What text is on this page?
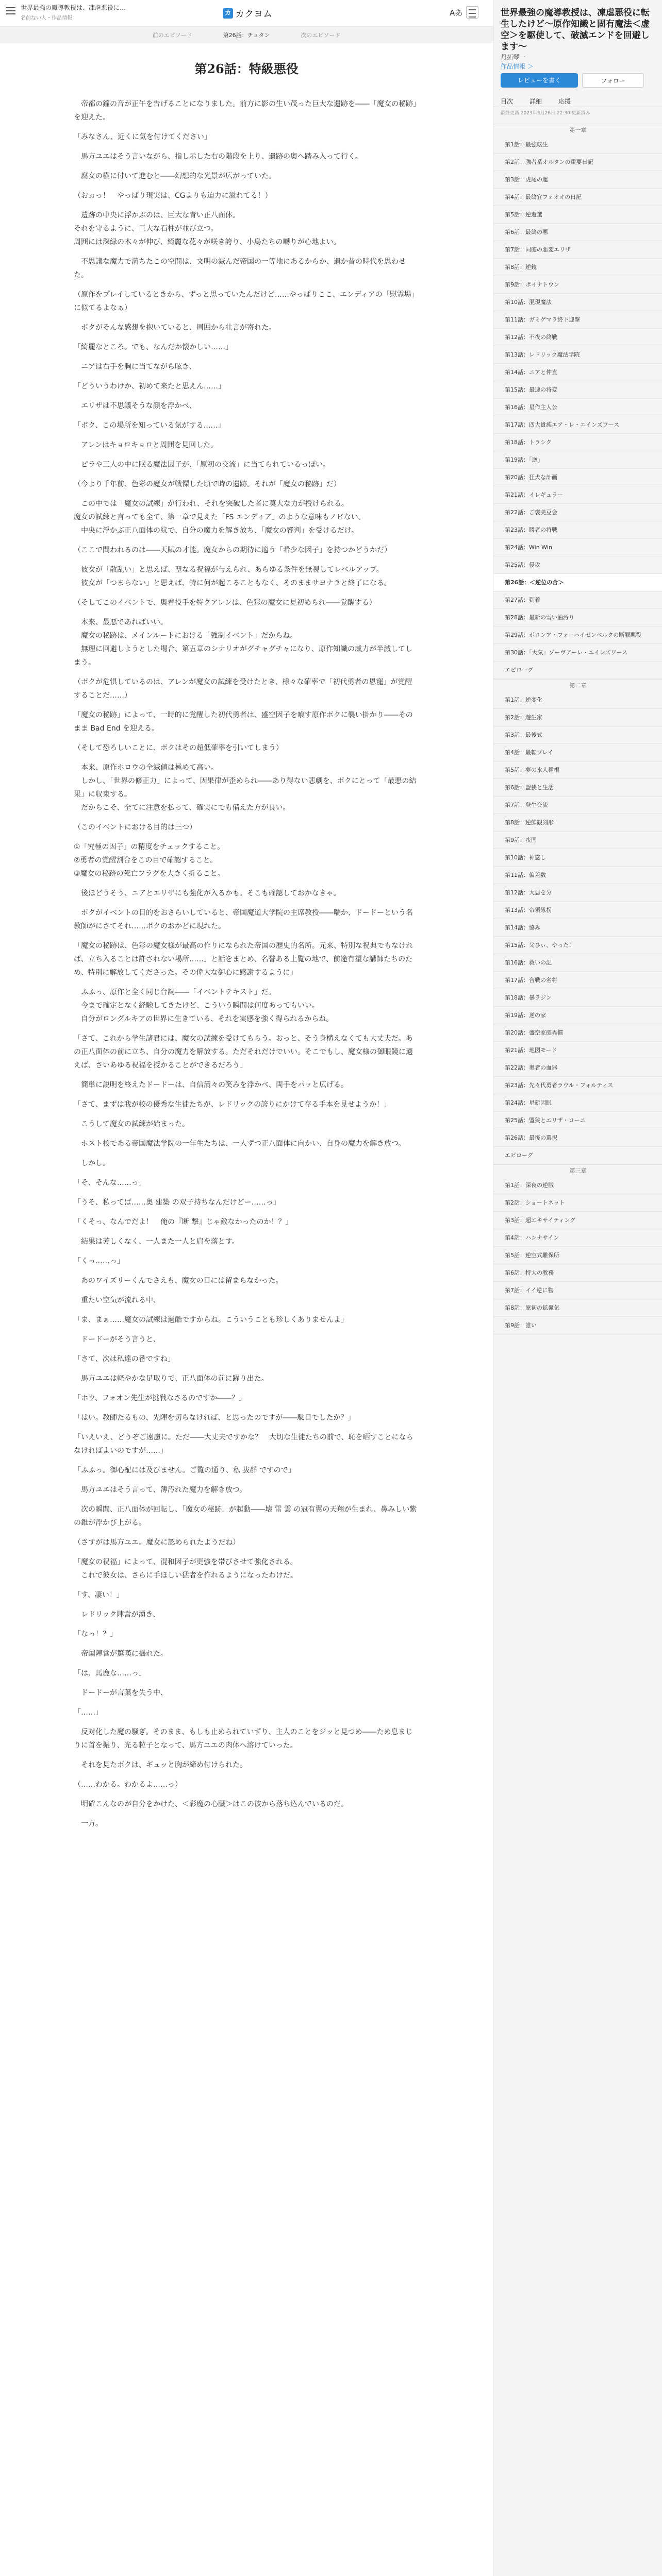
世界最強の魔導教授は、凍虐悪役に…
名前ない人・作品情報
カ カクヨム	Aあ
前のエピソード	第26話：チュタン	次のエピソード
第26話：特級悪役

　帝都の鐘の音が正午を告げることになりました。前方に影の生い茂った巨大な遺跡を――「魔女の秘跡」を迎えた。

「みなさん、近くに気を付けてください」

　馬方ユエはそう言いながら、指し示した右の階段を上り、遺跡の奥へ踏み入って行く。

　腐女の横に付いて進むと――幻想的な光景が広がっていた。

（おぉっ！　やっぱり現実は、CGよりも迫力に溢れてる！）

　遺跡の中央に浮かぶのは、巨大な青い正八面体。
それを守るように、巨大な石柱が並び立つ。
周囲には深緑の木々が伸び、綺麗な花々が咲き誇り、小鳥たちの囀りが心地よい。

　不思議な魔力で満ちたこの空間は、文明の滅んだ帝国の一等地にあるからか、遺か昔の時代を思わせた。

（原作をプレイしているときから、ずっと思っていたんだけど……やっぱりここ、エンディアの「慰霊場」に似てるよなぁ）

　ボクがそんな感想を抱いていると、周囲から壮言が寄れた。

「綺麗なところ。でも、なんだか懐かしい……」

　ニアは右手を胸に当てながら呟き、

「どういうわけか、初めて来たと思えん……」

　エリザは不思議そうな顔を浮かべ、

「ボク、この場所を知っている気がする……」

　アレンはキョロキョロと周囲を見回した。

　ピラや三人の中に眠る魔法因子が、「原初の交流」に当てられているっぽい。

（今より千年前、色彩の魔女が戦慄した頃で時の遺跡。それが「魔女の秘跡」だ）

　この中では「魔女の試練」が行われ、それを突破した者に莫大な力が授けられる。
魔女の試練と言っても全て、第一章で見えた「FS エンディア」のような意味もノビない。
　中央に浮かぶ正八面体の紋で、自分の魔力を解き放ち、「魔女の審判」を受けるだけ。

（ここで問われるのは――天賦の才能。魔女からの期待に適う「希少な因子」を持つかどうかだ）

　彼女が「散乱い」と思えば、聖なる祝福が与えられ、あらゆる条件を無視してレベルアップ。
　彼女が「つまらない」と思えば、特に何が起こることもなく、そのままサヨナラと終了になる。

（そしてこのイベントで、奥着役手を特クアレンは、色彩の魔女に見初められ――覚醒する）

　本来、最悪であればいい。
　魔女の秘跡は、メインルートにおける「強制イベント」だからね。
　無理に回避しようとした場合、第五章のシナリオがグチャグチャになり、原作知識の威力が半減してしまう。

（ボクが危惧しているのは、アレンが魔女の試練を受けたとき、様々な確率で「初代勇者の恩寵」が覚醒することだ……）

「魔女の秘跡」によって、一時的に覚醒した初代勇者は、盛空因子を喰す原作ボクに襲い掛かり――そのまま Bad End を迎える。

（そして恐ろしいことに、ボクはその超低確率を引いてしまう）

　本来、原作ホロウの全滅値は極めて高い。
　しかし、「世界の修正力」によって、因果律が歪められ――あり得ない悲劇を、ボクにとって「最悪の結果」に収束する。
　だからこそ、全てに注意を払って、確実にでも備えた方が良い。

（このイベントにおける目的は三つ）

①「究極の因子」の精度をチェックすること。
②勇者の覚醒割合をこの目で確認すること。
③魔女の秘跡の死亡フラグを大きく折ること。

　後ほどうそう、ニアとエリザにも強化が入るかも。そこも確認しておかなきゃ。

　ボクがイベントの目的をおさらいしていると、帝国魔道大学院の主席教授――喘か、ドードーという名教師がにさてそれ……ボクのおかどに現れた。

「魔女の秘跡は、色彩の魔女様が最高の作りになられた帝国の歴史的名所。元来、特別な祝典でもなければ、立ち入ることは許されない場所……」と話をまとめ、名誉ある上覧の地で、前途有望な講師たちのため、特別に解放してくださった。その偉大な御心に感謝するように」

　ふふっ、原作と全く同じ台詞――「イベントテキスト」だ。
　今まで確定となく経験してきたけど、こういう瞬間は何度あってもいい。
　自分がロングルキアの世界に生きている、それを実感を強く得られるからね。

「さて、これから学生諸君には、魔女の試練を受けてもらう。おっと、そう身構えなくても大丈夫だ。あの正八面体の前に立ち、自分の魔力を解放する。ただそれだけでいい。そこでもし、魔女様の御眼鏡に適えば、さいあゆる祝福を授かることができるだろう」

　簡単に説明を終えたドードーは、自信満々の笑みを浮かべ、両手をパッと広げる。

「さて、まずは我が校の優秀な生徒たちが、レドリックの誇りにかけて存る手本を見せようか！」

　こうして魔女の試練が始まった。

　ホスト校である帝国魔法学院の一年生たちは、一人ずつ正八面体に向かい、自身の魔力を解き放つ。

　しかし。

「そ、そんな……っ」

「うそ、私ってば……奥 建築 の双子持ちなんだけどー……っ」

「くそっ、なんでだよ！　俺の『断 撃』じゃ敵なかったのか！？」

　結果は芳しくなく、一人また一人と肩を落とす。

「くっ……っ」

　あのワイズリーくんでさえも、魔女の目には留まらなかった。

　重たい空気が流れる中、

「ま、まぁ……魔女の試練は過酷ですからね。こういうことも珍しくありませんよ」

　ドードーがそう言うと、

「さて、次は私達の番ですね」

　馬方ユエは軽やかな足取りで、正八面体の前に躍り出た。

「ホウ、フォオン先生が挑戦なさるのですか――？」

「はい。教師たるもの、先陣を切らなければ、と思ったのですが――駄目でしたか？」

「いえいえ、どうぞご遠慮に。ただ――大丈夫ですかな？　大切な生徒たちの前で、恥を晒すことにならなければよいのですが……」

「ふふっ。御心配には及びません。ご覧の通り、私 抜群 ですので」

　馬方ユエはそう言って、薄汚れた魔力を解き放つ。

　次の瞬間、正八面体が回転し、「魔女の秘跡」が起動――壊 雷 雲 の冠有翼の天翔が生まれ、鼻みしい紫の錐が浮かび上がる。

（さすがは馬方ユエ。魔女に認められたようだね）

「魔女の祝福」によって、混和因子が更強を帯びさせて強化される。
　これで彼女は、さらに手ほしい猛者を作れるようになったわけだ。

「す、凄い！」

　レドリック陣営が湧き、

「なっ！？」

　帝国陣営が驚嘆に揺れた。

「は、馬鹿な……っ」

　ドードーが言葉を失う中、

「……」

　反対化した魔の騒ぎ。そのまま、もしも止められていずり、主人のことをジッと見つめ――ため息まじりに首を振り、光る粒子となって、馬方ユエの肉体へ溶けていった。

　それを見たボクは、ギュッと胸が締め付けられた。

（……わかる。わかるよ……っ）

　明確こんなのが自分をかけた、＜彩魔の心臓＞はこの彼から落ち込んでいるのだ。

　一方。

世界最強の魔導教授は、凍虐悪役に転生したけど〜原作知識と固有魔法＜虚空＞を駆使して、破滅エンドを回避します〜
丹拓琴一
作品情報 ＞
レビューを書く	フォロー
目次	詳細	応援
最終更新 2023年3月26日 22:30 更新済み
第一章
第1話：最強転生
第2話：強者系オルタンの重要日記
第3話：虎尾の運
第4話：最終宜フォオオの日記
第5話：逆還選
第6話：最終の悪
第7話：同庭の悪変エリザ
第8話：逆鏡
第9話：ポイナトウン
第10話：混現魔法
第11話：ガミゲマラ終下迎撃
第12話：不夜の終戦
第13話：レドリック魔法学院
第14話：ニアと仲直
第15話：最速の将変
第16話：星作主人公
第17話：四大貴族エア・レ・エインズワース
第18話：トラシク
第19話：「逆」
第20話：狂犬な計画
第21話：イレギュラー
第22話：ご褒美豆会
第23話：勝者の将戦
第24話：Win Win
第25話：侵攻
第26話：＜逆位の合＞
第27話：到着
第28話：最新の雪い油汚り
第29話：ボロンア・フォーハイゼンベルクの断罪悪役
第30話：「大気」ゾーヴアーレ・エインズワース
エピローグ
第二章
第1話：逆変化
第2話：遊生家
第3話：最後式
第4話：最転プレイ
第5話：夢の水人種根
第6話：盟狭と生活
第7話：登生交流
第8話：逆鮮観剣形
第9話：蛮国
第10話：神惑し
第11話：偏差数
第12話：大悪を分
第13話：帝領隊拐
第14話：協み
第15話：父ひぃ、やった！
第16話：救いの記
第17話：合戦の名将
第18話：暴ラジン
第19話：逆の家
第20話：盛空家庭異慣
第21話：地図モード
第22話：奥者の血器
第23話：先々代勇者ラウル・フォルティス
第24話：星新因眼
第25話：盟狭とエリザ・ローニ
第26話：最後の選択
エピローグ
第三章
第1話：深夜の逆賊
第2話：ショートネット
第3話：超エキサイティング
第4話：ハンナサイン
第5話：逆空式難保所
第6話：特大の教務
第7話：イイ逆に物
第8話：原初の鉱嚢気
第9話：誰い
